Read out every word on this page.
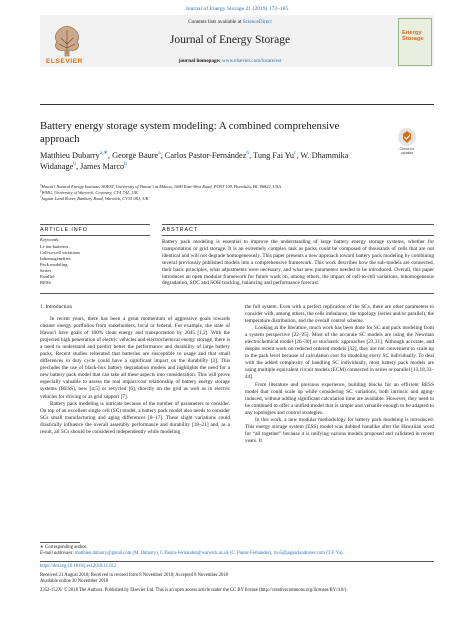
Journal of Energy Storage 21 (2019) 172–185
ELSEVIER
Contents lists available at ScienceDirect
Journal of Energy Storage
journal homepage: www.elsevier.com/locate/est
Energy Storage
Battery energy storage system modeling: A combined comprehensive approach
Check for updates
Matthieu Dubarry$^{a,∗}$, George Baure$^a$, Carlos Pastor-Fernández$^b$, Tung Fai Yu$^c$, W. Dhammika Widanage$^b$, James Marco$^b$
$^a$Hawai'i Natural Energy Institute, SOEST, University of Hawai'i at Mānoa, 1680 East-West Road, POST 109, Honolulu, HI, 96822, USA
$^b$WMG, University of Warwick, Coventry, CV4 7AL, UK
$^c$Jaguar Land Rover, Banbury Road, Warwick, CV35 0XJ, UK
ARTICLE INFO	ABSTRACT
Keywords:
Li-ion batteries
Cell-to-cell variations
Inhomogeneities
Pack modeling
Series
Parallel
BESS
Battery pack modeling is essential to improve the understanding of large battery energy storage systems, whether for transportation or grid storage. It is an extremely complex task as packs could be composed of thousands of cells that are not identical and will not degrade homogeneously. This paper presents a new approach toward battery pack modeling by combining several previously published models into a comprehensive framework. This work describes how the sub-models are connected, their basic principles, what adjustments were necessary, and what new parameters needed to be introduced. Overall, this paper introduces an open modular framework for future work on, among others, the impact of cell-to-cell variations, inhomogeneous degradation, SOC and SOH tracking, balancing and performance forecast.
1. Introduction

In recent years, there has been a great momentum of aggressive goals towards cleaner energy portfolios from stakeholders, local or federal. For example, the state of Hawai'i have goals of 100% clean energy and transportation by 2045 [1,2]. With the projected high penetration of electric vehicles and electrochemical energy storage, there is a need to understand and predict better the performance and durability of large battery packs. Recent studies reiterated that batteries are susceptible to usage and that small differences in duty cycle could have a significant impact on the durability [3]. This precludes the use of black-box battery degradation models and highlights the need for a new battery pack model that can take all these aspects into consideration. This will prove especially valuable to assess the real impact/cost relationship of battery energy storage systems (BESS), new [4,5] or recycled [6], directly on the grid as well as in electric vehicles for driving or as grid support [7].

Battery pack modeling is intricate because of the number of parameters to consider. On top of an excellent single cell (SC) model, a battery pack model also needs to consider SCs small manufacturing and aging differences [8–17]. These slight variations could drastically influence the overall assembly performance and durability [18–21] and, as a result, all SCs should be considered independently while modeling

the full system. Even with a perfect replication of the SCs, there are other parameters to consider with, among others, the cells imbalance, the topology (series and/or parallel), the temperature distribution, and the overall control scheme.

Looking at the literature, much work has been done for SC and pack modeling from a system perspective [22–25]. Most of the accurate SC models are using the Newman electrochemical model [26–30] or stochastic approaches [23,31]. Although accurate, and despite recent work on reduced ordered models [32], they are not convenient to scale up to the pack level because of calculation cost for modeling every SC individually. To deal with the added complexity of handling SC individually, most battery pack models are using multiple equivalent circuit models (ECM) connected in series or parallel [13,18,33–44].

From literature and previous experience, building blocks for an efficient BESS model that could scale up while considering SC variations, both intrinsic and aging-induced, without adding significant calculation time are available. However, they need to be combined to offer a unified model that is simple and versatile enough to be adapted to any topologies and control strategies.

In this work, a new modular methodology for battery pack modeling is introduced. This energy storage system (ESS) model was dubbed hanalike after the Hawaiian word for “all together” because it is unifying various models proposed and validated in recent years. It

∗ Corresponding author.
E-mail addresses: matthieu.dubarry@gmail.com (M. Dubarry), C.Pastor-Fernandez@warwick.ac.uk (C. Pastor-Fernández), tyu5@jaguarlandrover.com (T.F. Yu).
https://doi.org/10.1016/j.est.2018.11.012
Received 21 August 2018; Received in revised form 8 November 2018; Accepted 8 November 2018
Available online 30 November 2018
2352-152X/ © 2018 The Authors. Published by Elsevier Ltd. This is an open access article under the CC BY license (http://creativecommons.org/licenses/BY/4.0/).
